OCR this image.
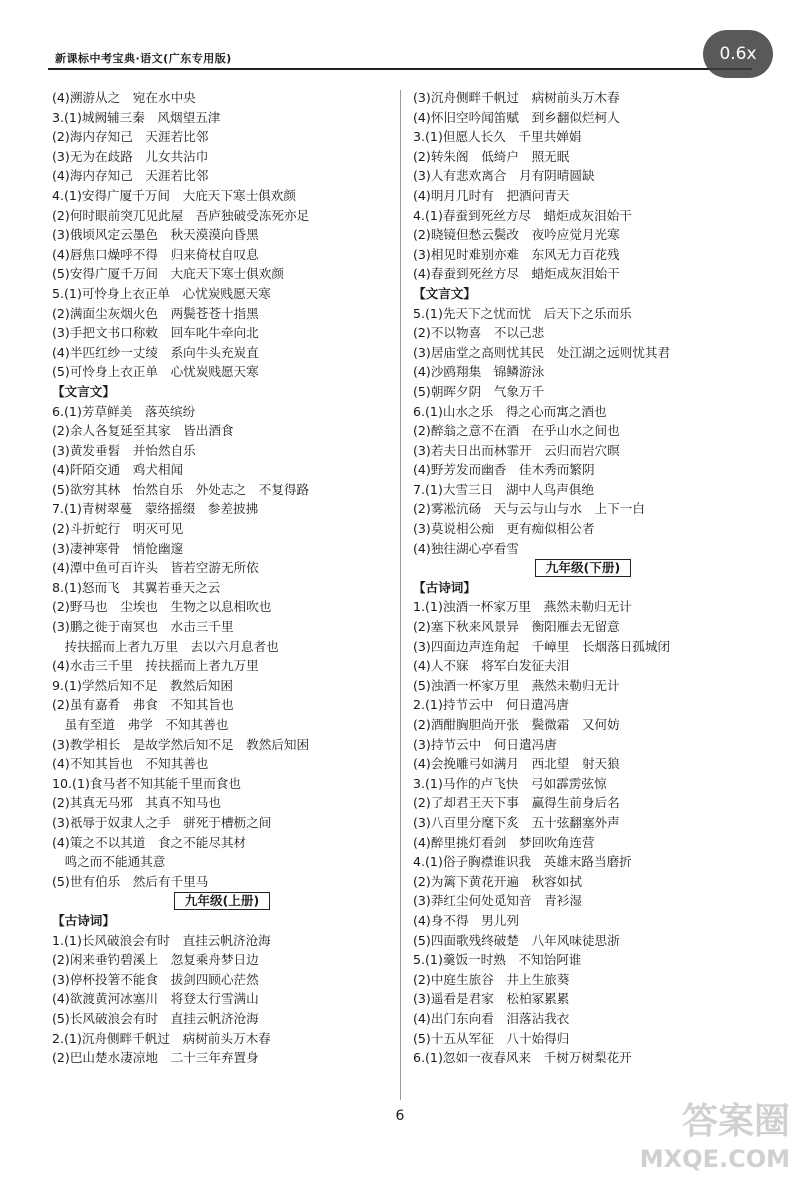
新课标中考宝典·语文(广东专用版)	0.6x
(4)溯游从之　宛在水中央
3.(1)城阙辅三秦　风烟望五津
(2)海内存知己　天涯若比邻
(3)无为在歧路　儿女共沾巾
(4)海内存知己　天涯若比邻
4.(1)安得广厦千万间　大庇天下寒士俱欢颜
(2)何时眼前突兀见此屋　吾庐独破受冻死亦足
(3)俄顷风定云墨色　秋天漠漠向昏黑
(4)唇焦口燥呼不得　归来倚杖自叹息
(5)安得广厦千万间　大庇天下寒士俱欢颜
5.(1)可怜身上衣正单　心忧炭贱愿天寒
(2)满面尘灰烟火色　两鬓苍苍十指黑
(3)手把文书口称敕　回车叱牛牵向北
(4)半匹红纱一丈绫　系向牛头充炭直
(5)可怜身上衣正单　心忧炭贱愿天寒
【文言文】
6.(1)芳草鲜美　落英缤纷
(2)余人各复延至其家　皆出酒食
(3)黄发垂髫　并怡然自乐
(4)阡陌交通　鸡犬相闻
(5)欲穷其林　怡然自乐　外处志之　不复得路
7.(1)青树翠蔓　蒙络摇缀　参差披拂
(2)斗折蛇行　明灭可见
(3)凄神寒骨　悄怆幽邃
(4)潭中鱼可百许头　皆若空游无所依
8.(1)怒而飞　其翼若垂天之云
(2)野马也　尘埃也　生物之以息相吹也
(3)鹏之徙于南冥也　水击三千里
　抟扶摇而上者九万里　去以六月息者也
(4)水击三千里　抟扶摇而上者九万里
9.(1)学然后知不足　教然后知困
(2)虽有嘉肴　弗食　不知其旨也
　虽有至道　弗学　不知其善也
(3)教学相长　是故学然后知不足　教然后知困
(4)不知其旨也　不知其善也
10.(1)食马者不知其能千里而食也
(2)其真无马邪　其真不知马也
(3)祇辱于奴隶人之手　骈死于槽枥之间
(4)策之不以其道　食之不能尽其材
　鸣之而不能通其意
(5)世有伯乐　然后有千里马
九年级(上册)
【古诗词】
1.(1)长风破浪会有时　直挂云帆济沧海
(2)闲来垂钓碧溪上　忽复乘舟梦日边
(3)停杯投箸不能食　拔剑四顾心茫然
(4)欲渡黄河冰塞川　将登太行雪满山
(5)长风破浪会有时　直挂云帆济沧海
2.(1)沉舟侧畔千帆过　病树前头万木春
(2)巴山楚水凄凉地　二十三年弃置身
(3)沉舟侧畔千帆过　病树前头万木春
(4)怀旧空吟闻笛赋　到乡翻似烂柯人
3.(1)但愿人长久　千里共婵娟
(2)转朱阁　低绮户　照无眠
(3)人有悲欢离合　月有阴晴圆缺
(4)明月几时有　把酒问青天
4.(1)春蚕到死丝方尽　蜡炬成灰泪始干
(2)晓镜但愁云鬓改　夜吟应觉月光寒
(3)相见时难别亦难　东风无力百花残
(4)春蚕到死丝方尽　蜡炬成灰泪始干
【文言文】
5.(1)先天下之忧而忧　后天下之乐而乐
(2)不以物喜　不以己悲
(3)居庙堂之高则忧其民　处江湖之远则忧其君
(4)沙鸥翔集　锦鳞游泳
(5)朝晖夕阴　气象万千
6.(1)山水之乐　得之心而寓之酒也
(2)醉翁之意不在酒　在乎山水之间也
(3)若夫日出而林霏开　云归而岩穴暝
(4)野芳发而幽香　佳木秀而繁阴
7.(1)大雪三日　湖中人鸟声俱绝
(2)雾凇沆砀　天与云与山与水　上下一白
(3)莫说相公痴　更有痴似相公者
(4)独往湖心亭看雪
九年级(下册)
【古诗词】
1.(1)浊酒一杯家万里　燕然未勒归无计
(2)塞下秋来风景异　衡阳雁去无留意
(3)四面边声连角起　千嶂里　长烟落日孤城闭
(4)人不寐　将军白发征夫泪
(5)浊酒一杯家万里　燕然未勒归无计
2.(1)持节云中　何日遣冯唐
(2)酒酣胸胆尚开张　鬓微霜　又何妨
(3)持节云中　何日遣冯唐
(4)会挽雕弓如满月　西北望　射天狼
3.(1)马作的卢飞快　弓如霹雳弦惊
(2)了却君王天下事　赢得生前身后名
(3)八百里分麾下炙　五十弦翻塞外声
(4)醉里挑灯看剑　梦回吹角连营
4.(1)俗子胸襟谁识我　英雄末路当磨折
(2)为篱下黄花开遍　秋容如拭
(3)莽红尘何处觅知音　青衫湿
(4)身不得　男儿列
(5)四面歌残终破楚　八年风味徒思浙
5.(1)羹饭一时熟　不知饴阿谁
(2)中庭生旅谷　井上生旅葵
(3)遥看是君家　松柏冢累累
(4)出门东向看　泪落沾我衣
(5)十五从军征　八十始得归
6.(1)忽如一夜春风来　千树万树梨花开
6	答案圈
MXQE.COM
